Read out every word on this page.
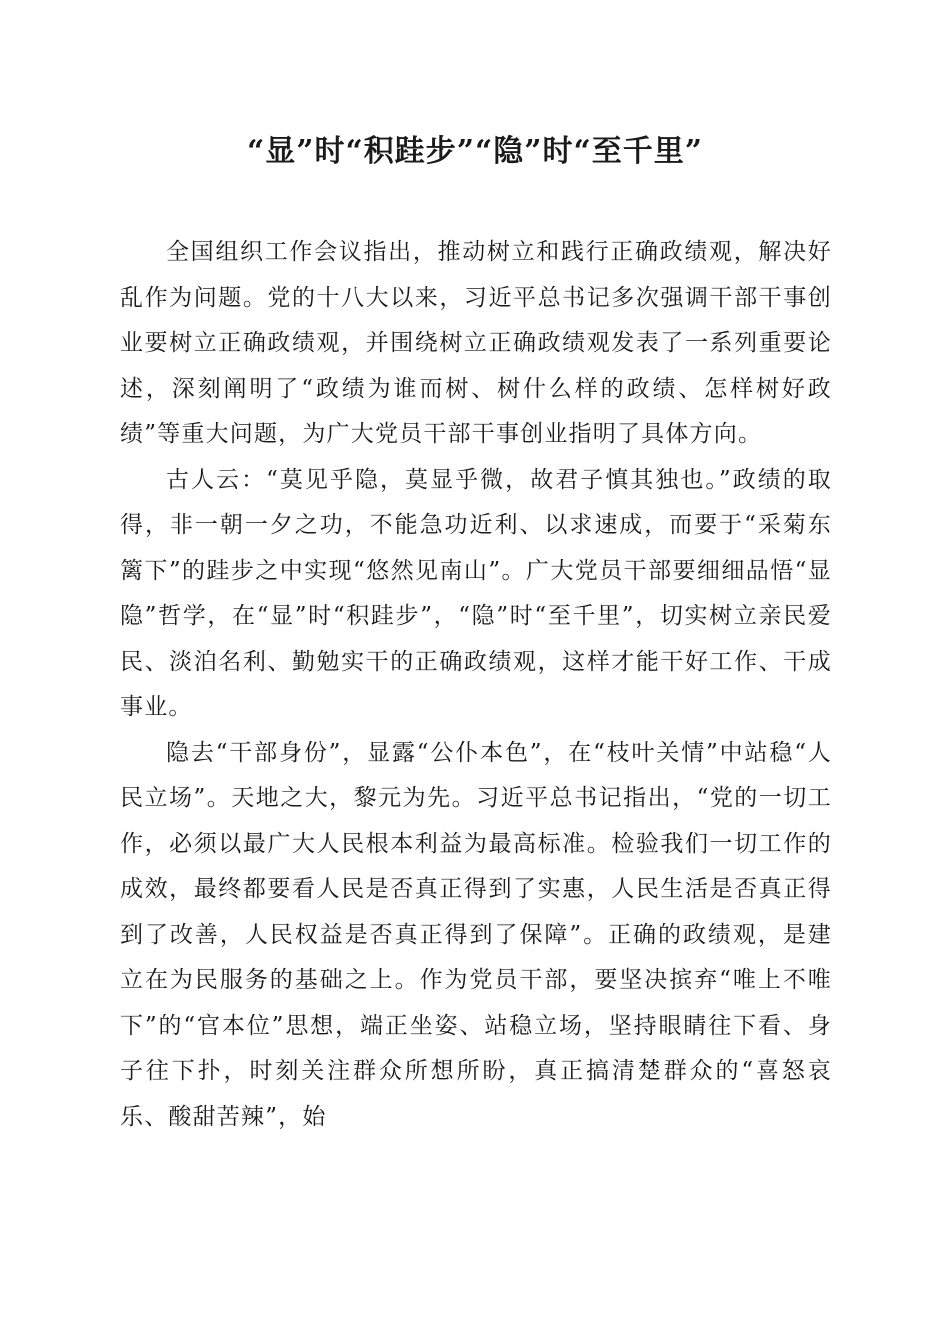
“显”时“积跬步”“隐”时“至千里”

全国组织工作会议指出，推动树立和践行正确政绩观，解决好乱作为问题。党的十八大以来，习近平总书记多次强调干部干事创业要树立正确政绩观，并围绕树立正确政绩观发表了一系列重要论述，深刻阐明了“政绩为谁而树、树什么样的政绩、怎样树好政绩”等重大问题，为广大党员干部干事创业指明了具体方向。

古人云：“莫见乎隐，莫显乎微，故君子慎其独也。”政绩的取得，非一朝一夕之功，不能急功近利、以求速成，而要于“采菊东篱下”的跬步之中实现“悠然见南山”。广大党员干部要细细品悟“显隐”哲学，在“显”时“积跬步”，“隐”时“至千里”，切实树立亲民爱民、淡泊名利、勤勉实干的正确政绩观，这样才能干好工作、干成事业。

隐去“干部身份”，显露“公仆本色”，在“枝叶关情”中站稳“人民立场”。天地之大，黎元为先。习近平总书记指出，“党的一切工作，必须以最广大人民根本利益为最高标准。检验我们一切工作的成效，最终都要看人民是否真正得到了实惠，人民生活是否真正得到了改善，人民权益是否真正得到了保障”。正确的政绩观，是建立在为民服务的基础之上。作为党员干部，要坚决摈弃“唯上不唯下”的“官本位”思想，端正坐姿、站稳立场，坚持眼睛往下看、身子往下扑，时刻关注群众所想所盼，真正搞清楚群众的“喜怒哀乐、酸甜苦辣”，始
